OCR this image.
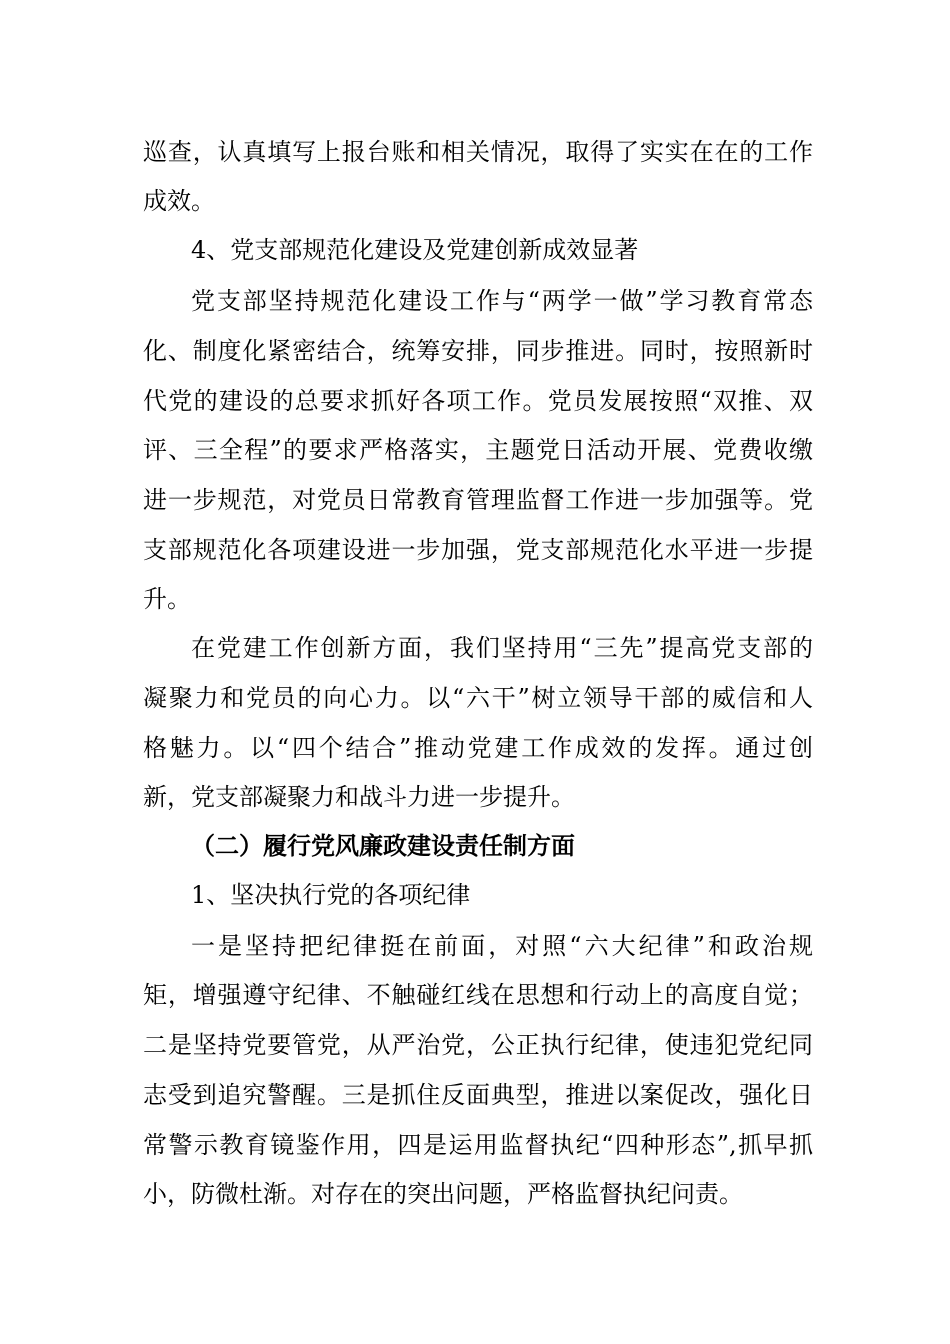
巡查，认真填写上报台账和相关情况，取得了实实在在的工作
成效。
4、党支部规范化建设及党建创新成效显著
党支部坚持规范化建设工作与“两学一做”学习教育常态
化、制度化紧密结合，统筹安排，同步推进。同时，按照新时
代党的建设的总要求抓好各项工作。党员发展按照“双推、双
评、三全程”的要求严格落实，主题党日活动开展、党费收缴
进一步规范，对党员日常教育管理监督工作进一步加强等。党
支部规范化各项建设进一步加强，党支部规范化水平进一步提
升。
在党建工作创新方面，我们坚持用“三先”提高党支部的
凝聚力和党员的向心力。以“六干”树立领导干部的威信和人
格魅力。以“四个结合”推动党建工作成效的发挥。通过创
新，党支部凝聚力和战斗力进一步提升。
（二）履行党风廉政建设责任制方面
1、坚决执行党的各项纪律
一是坚持把纪律挺在前面，对照“六大纪律”和政治规
矩，增强遵守纪律、不触碰红线在思想和行动上的高度自觉；
二是坚持党要管党，从严治党，公正执行纪律，使违犯党纪同
志受到追究警醒。三是抓住反面典型，推进以案促改，强化日
常警示教育镜鉴作用，四是运用监督执纪“四种形态”,抓早抓
小，防微杜渐。对存在的突出问题，严格监督执纪问责。
